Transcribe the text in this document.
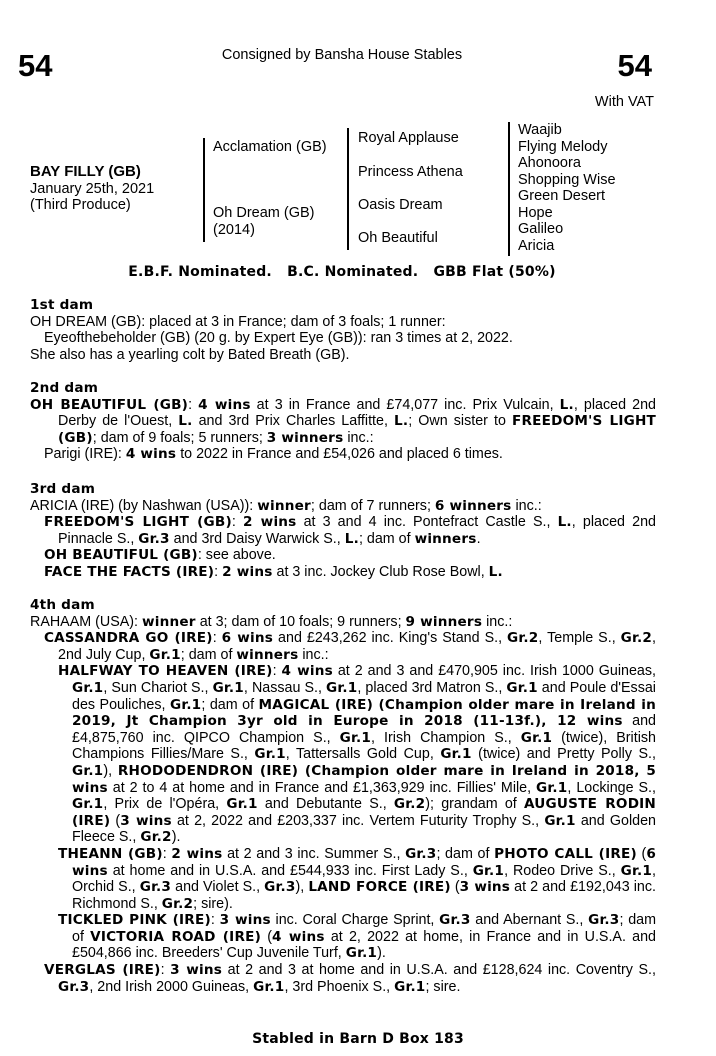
54	54
Consigned by Bansha House Stables
With VAT
BAY FILLY (GB)
January 25th, 2021
(Third Produce)
Acclamation (GB)
Oh Dream (GB) (2014)
Royal Applause
Princess Athena
Oasis Dream
Oh Beautiful
Waajib
Flying Melody
Ahonoora
Shopping Wise
Green Desert
Hope
Galileo
Aricia
E.B.F. Nominated.   B.C. Nominated.   GBB Flat (50%)
1st dam
OH DREAM (GB): placed at 3 in France; dam of 3 foals; 1 runner:
Eyeofthebeholder (GB) (20 g. by Expert Eye (GB)): ran 3 times at 2, 2022.
She also has a yearling colt by Bated Breath (GB).
2nd dam
OH BEAUTIFUL (GB): 4 wins at 3 in France and £74,077 inc. Prix Vulcain, L., placed 2nd Derby de l'Ouest, L. and 3rd Prix Charles Laffitte, L.; Own sister to FREEDOM'S LIGHT (GB); dam of 9 foals; 5 runners; 3 winners inc.:
Parigi (IRE): 4 wins to 2022 in France and £54,026 and placed 6 times.
3rd dam
ARICIA (IRE) (by Nashwan (USA)): winner; dam of 7 runners; 6 winners inc.:
FREEDOM'S LIGHT (GB): 2 wins at 3 and 4 inc. Pontefract Castle S., L., placed 2nd Pinnacle S., Gr.3 and 3rd Daisy Warwick S., L.; dam of winners.
OH BEAUTIFUL (GB): see above.
FACE THE FACTS (IRE): 2 wins at 3 inc. Jockey Club Rose Bowl, L.
4th dam
RAHAAM (USA): winner at 3; dam of 10 foals; 9 runners; 9 winners inc.:
CASSANDRA GO (IRE): 6 wins and £243,262 inc. King's Stand S., Gr.2, Temple S., Gr.2, 2nd July Cup, Gr.1; dam of winners inc.:
HALFWAY TO HEAVEN (IRE): 4 wins at 2 and 3 and £470,905 inc. Irish 1000 Guineas, Gr.1, Sun Chariot S., Gr.1, Nassau S., Gr.1, placed 3rd Matron S., Gr.1 and Poule d'Essai des Pouliches, Gr.1; dam of MAGICAL (IRE) (Champion older mare in Ireland in 2019, Jt Champion 3yr old in Europe in 2018 (11-13f.), 12 wins and £4,875,760 inc. QIPCO Champion S., Gr.1, Irish Champion S., Gr.1 (twice), British Champions Fillies/Mare S., Gr.1, Tattersalls Gold Cup, Gr.1 (twice) and Pretty Polly S., Gr.1), RHODODENDRON (IRE) (Champion older mare in Ireland in 2018, 5 wins at 2 to 4 at home and in France and £1,363,929 inc. Fillies' Mile, Gr.1, Lockinge S., Gr.1, Prix de l'Opéra, Gr.1 and Debutante S., Gr.2); grandam of AUGUSTE RODIN (IRE) (3 wins at 2, 2022 and £203,337 inc. Vertem Futurity Trophy S., Gr.1 and Golden Fleece S., Gr.2).
THEANN (GB): 2 wins at 2 and 3 inc. Summer S., Gr.3; dam of PHOTO CALL (IRE) (6 wins at home and in U.S.A. and £544,933 inc. First Lady S., Gr.1, Rodeo Drive S., Gr.1, Orchid S., Gr.3 and Violet S., Gr.3), LAND FORCE (IRE) (3 wins at 2 and £192,043 inc. Richmond S., Gr.2; sire).
TICKLED PINK (IRE): 3 wins inc. Coral Charge Sprint, Gr.3 and Abernant S., Gr.3; dam of VICTORIA ROAD (IRE) (4 wins at 2, 2022 at home, in France and in U.S.A. and £504,866 inc. Breeders' Cup Juvenile Turf, Gr.1).
VERGLAS (IRE): 3 wins at 2 and 3 at home and in U.S.A. and £128,624 inc. Coventry S., Gr.3, 2nd Irish 2000 Guineas, Gr.1, 3rd Phoenix S., Gr.1; sire.
Stabled in Barn D Box 183
